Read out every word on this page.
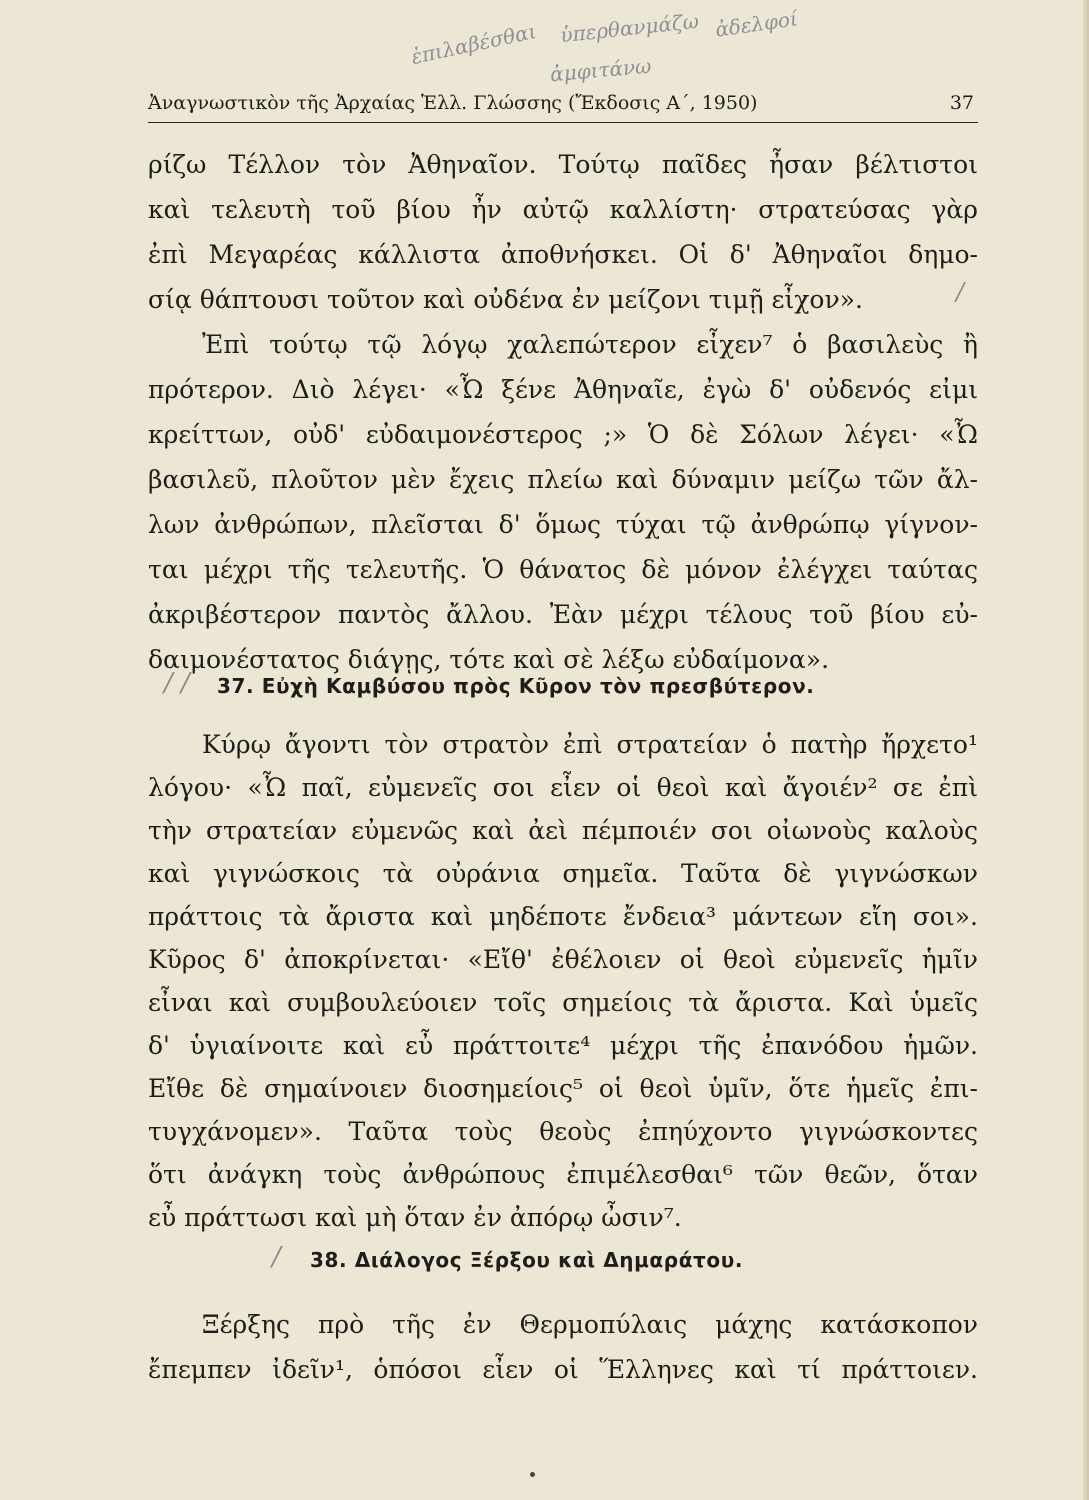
ἐπιλαβέσθαι ὑπερθανμάζω ἀδελφοί
ἀμφιτάνω
Ἀναγνωστικὸν τῆς Ἀρχαίας Ἑλλ. Γλώσσης (Ἔκδοσις Α΄, 1950)	37
ρίζω Τέλλον τὸν Ἀθηναῖον. Τούτῳ παῖδες ἦσαν βέλτιστοι
καὶ τελευτὴ τοῦ βίου ἦν αὐτῷ καλλίστη· στρατεύσας γὰρ
ἐπὶ Μεγαρέας κάλλιστα ἀποθνήσκει. Οἱ δ' Ἀθηναῖοι δημο-
σίᾳ θάπτουσι τοῦτον καὶ οὐδένα ἐν μείζονι τιμῇ εἶχον».	/
Ἐπὶ τούτῳ τῷ λόγῳ χαλεπώτερον εἶχεν⁷ ὁ βασιλεὺς ἢ
πρότερον. Διὸ λέγει· «Ὦ ξένε Ἀθηναῖε, ἐγὼ δ' οὐδενός εἰμι
κρείττων, οὐδ' εὐδαιμονέστερος ;» Ὁ δὲ Σόλων λέγει· «Ὦ
βασιλεῦ, πλοῦτον μὲν ἔχεις πλείω καὶ δύναμιν μείζω τῶν ἄλ-
λων ἀνθρώπων, πλεῖσται δ' ὅμως τύχαι τῷ ἀνθρώπῳ γίγνον-
ται μέχρι τῆς τελευτῆς. Ὁ θάνατος δὲ μόνον ἐλέγχει ταύτας
ἀκριβέστερον παντὸς ἄλλου. Ἐὰν μέχρι τέλους τοῦ βίου εὐ-
/ / 37. Εὐχὴ Καμβύσου πρὸς Κῦρον τὸν πρεσβύτερον.
Κύρῳ ἄγοντι τὸν στρατὸν ἐπὶ στρατείαν ὁ πατὴρ ἤρχετο¹
λόγου· «Ὦ παῖ, εὐμενεῖς σοι εἶεν οἱ θεοὶ καὶ ἄγοιέν² σε ἐπὶ
τὴν στρατείαν εὐμενῶς καὶ ἀεὶ πέμποιέν σοι οἰωνοὺς καλοὺς
καὶ γιγνώσκοις τὰ οὐράνια σημεῖα. Ταῦτα δὲ γιγνώσκων
πράττοις τὰ ἄριστα καὶ μηδέποτε ἔνδεια³ μάντεων εἴη σοι».
Κῦρος δ' ἀποκρίνεται· «Εἴθ' ἐθέλοιεν οἱ θεοὶ εὐμενεῖς ἡμῖν
εἶναι καὶ συμβουλεύοιεν τοῖς σημείοις τὰ ἄριστα. Καὶ ὑμεῖς
δ' ὑγιαίνοιτε καὶ εὖ πράττοιτε⁴ μέχρι τῆς ἐπανόδου ἡμῶν.
Εἴθε δὲ σημαίνοιεν διοσημείοις⁵ οἱ θεοὶ ὑμῖν, ὅτε ἡμεῖς ἐπι-
τυγχάνομεν». Ταῦτα τοὺς θεοὺς ἐπηύχοντο γιγνώσκοντες
ὅτι ἀνάγκη τοὺς ἀνθρώπους ἐπιμέλεσθαι⁶ τῶν θεῶν, ὅταν
εὖ πράττωσι καὶ μὴ ὅταν ἐν ἀπόρῳ ὦσιν⁷.
/ 38. Διάλογος Ξέρξου καὶ Δημαράτου.
Ξέρξης πρὸ τῆς ἐν Θερμοπύλαις μάχης κατάσκοπον
ἔπεμπεν ἰδεῖν¹, ὁπόσοι εἶεν οἱ Ἕλληνες καὶ τί πράττοιεν.
δαιμονέστατος διάγῃς, τότε καὶ σὲ λέξω εὐδαίμονα».
